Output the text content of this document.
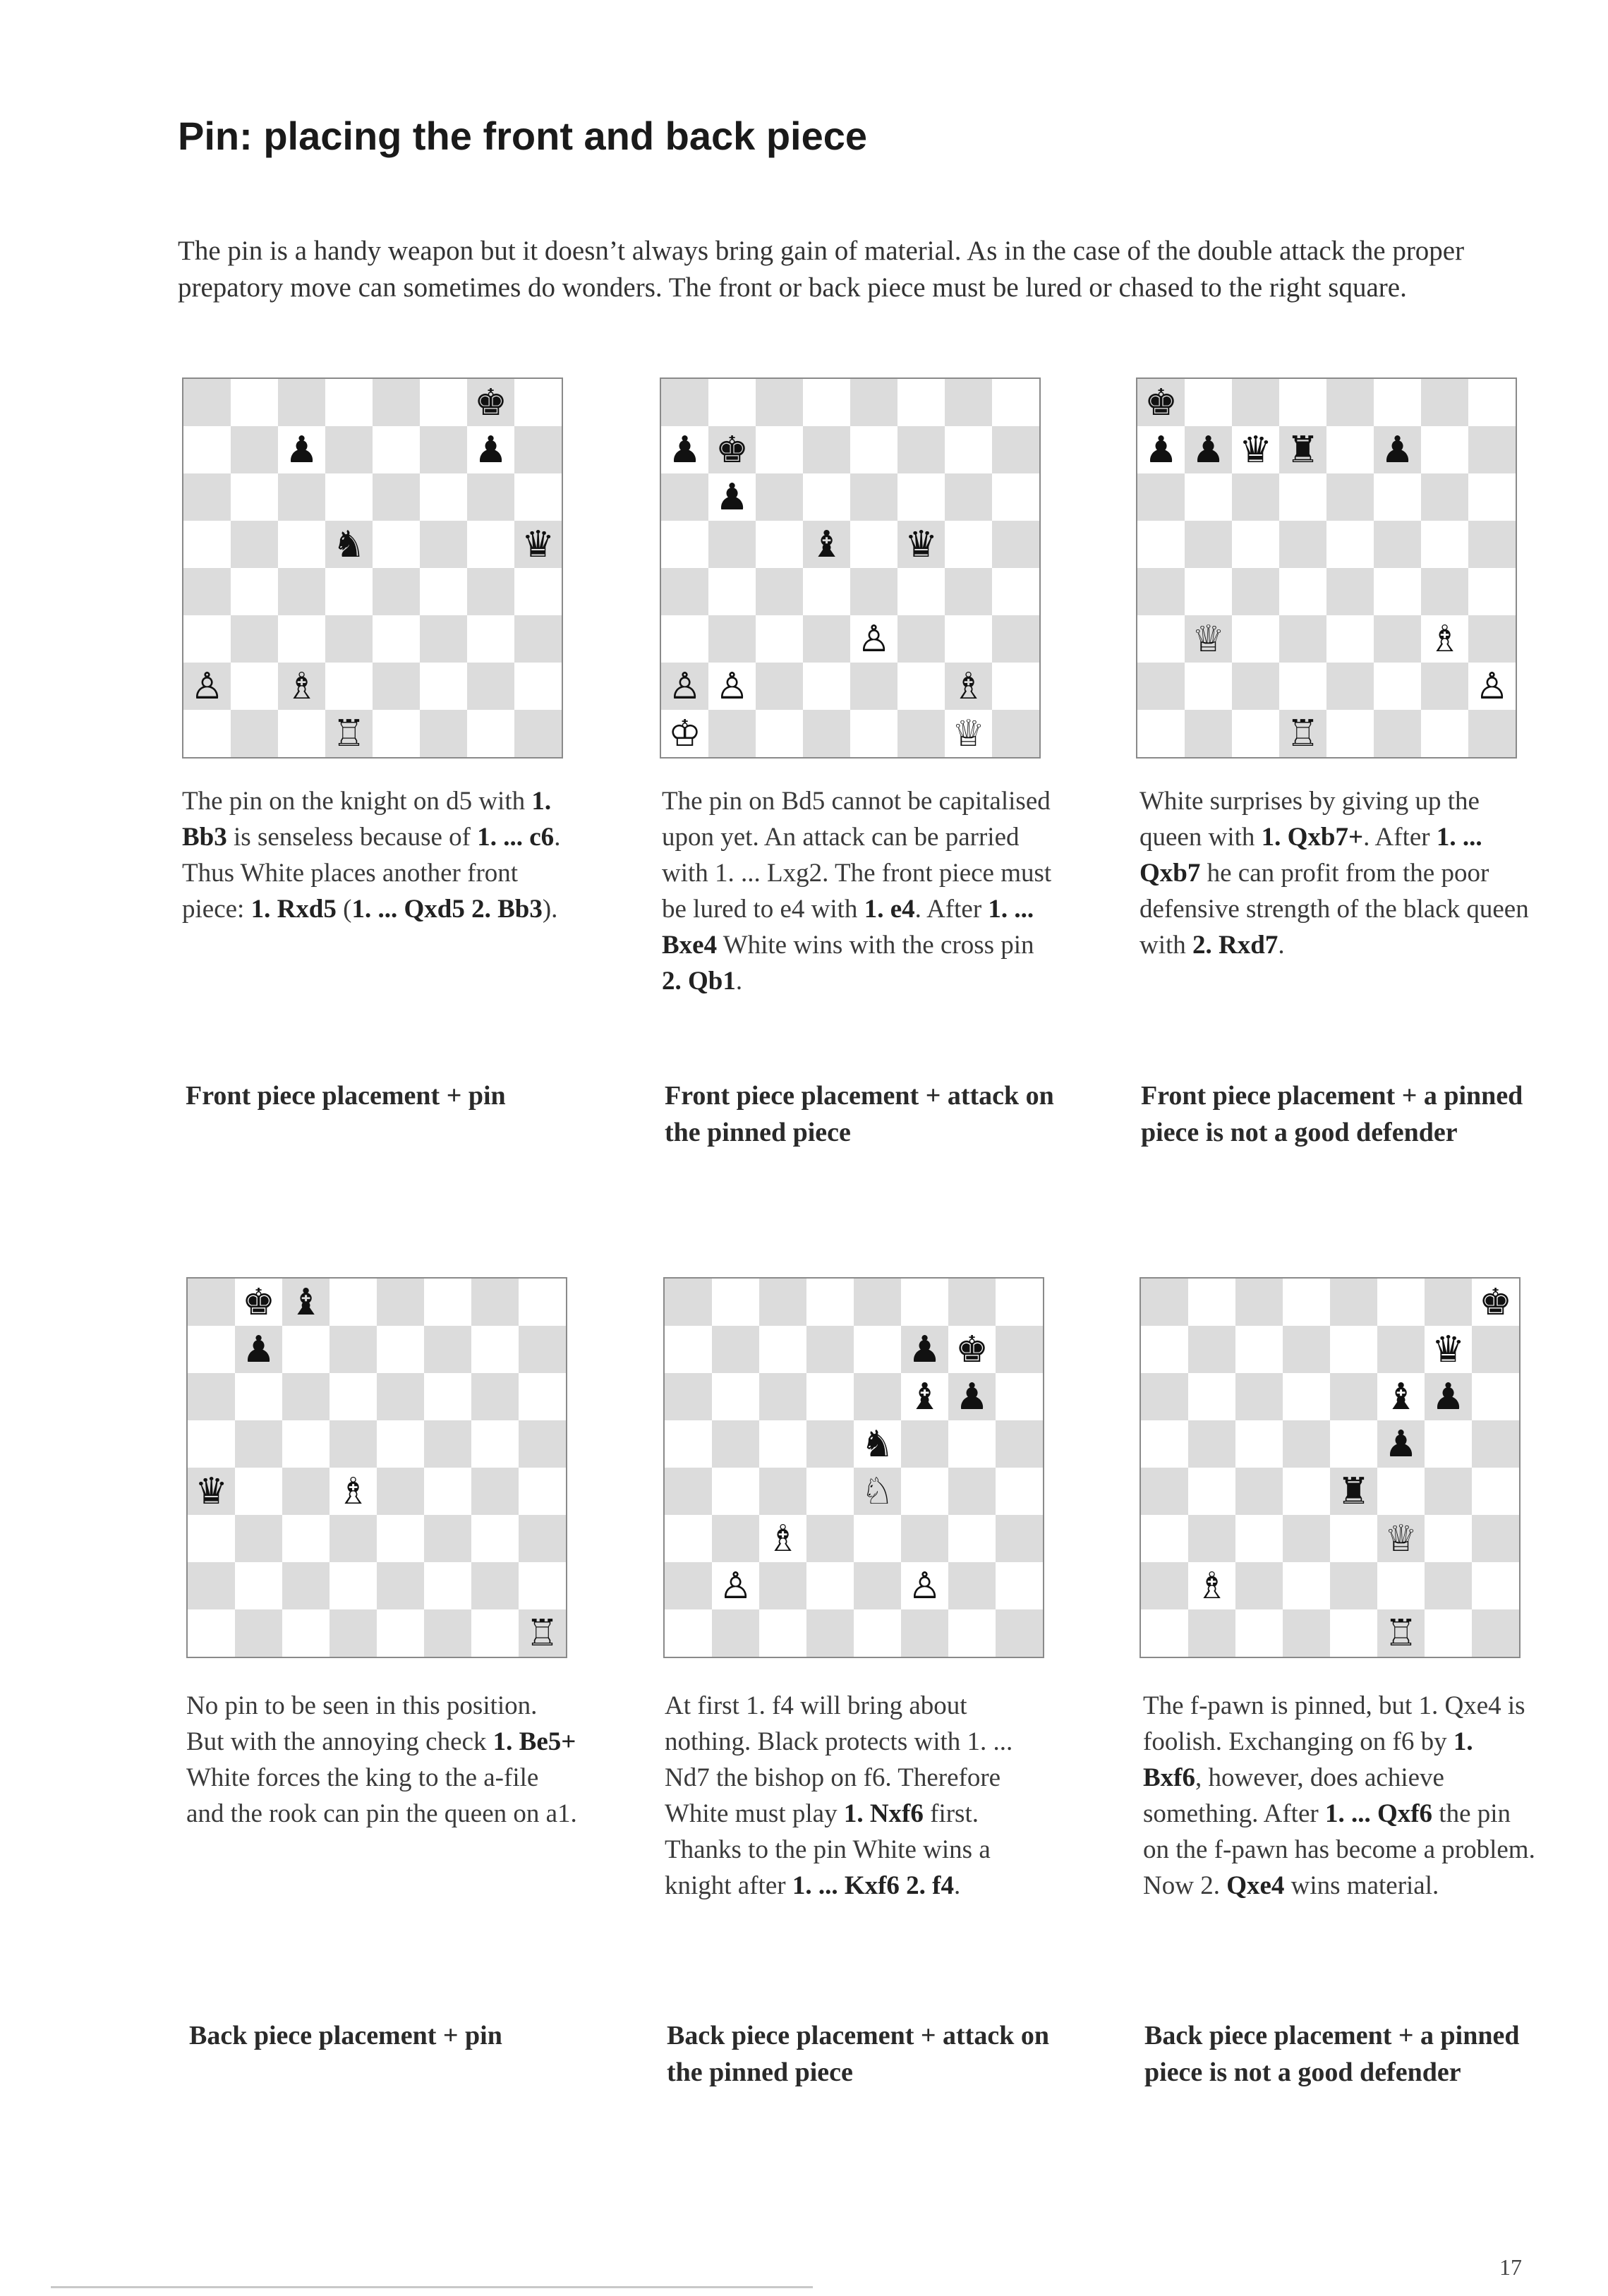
Pin: placing the front and back piece

The pin is a handy weapon but it doesn’t always bring gain of material. As in the case of the double attack the proper prepatory move can sometimes do wonders. The front or back piece must be lured or chased to the right square.

♚
♟	♟
♞	♛
♙ ♗
♖

The pin on the knight on d5 with 1. Bb3 is senseless because of 1. ... c6. Thus White places another front piece: 1. Rxd5 (1. ... Qxd5 2. Bb3).

Front piece placement + pin

♟ ♚
♟
♝ ♛
♙
♙ ♙	♗
♔	♕

The pin on Bd5 cannot be capitalised upon yet. An attack can be parried with 1. ... Lxg2. The front piece must be lured to e4 with 1. e4. After 1. ... Bxe4 White wins with the cross pin 2. Qb1.

Front piece placement + attack on the pinned piece

♚
♟ ♟ ♛ ♜ ♟
♕	♗
♙
♖

White surprises by giving up the queen with 1. Qxb7+. After 1. ... Qxb7 he can profit from the poor defensive strength of the black queen with 2. Rxd7.

Front piece placement + a pinned piece is not a good defender

♚ ♝
♟
♛	♗
♖

No pin to be seen in this position. But with the annoying check 1. Be5+ White forces the king to the a-file and the rook can pin the queen on a1.

Back piece placement + pin

♟ ♚
♝ ♟
♞
♘
♗
♙	♙

At first 1. f4 will bring about nothing. Black protects with 1. ... Nd7 the bishop on f6. Therefore White must play 1. Nxf6 first. Thanks to the pin White wins a knight after 1. ... Kxf6 2. f4.

Back piece placement + attack on the pinned piece

♚
♛
♝ ♟
♟
♜
♕
♗
♖

The f-pawn is pinned, but 1. Qxe4 is foolish. Exchanging on f6 by 1. Bxf6, however, does achieve something. After 1. ... Qxf6 the pin on the f-pawn has become a problem. Now 2. Qxe4 wins material.

Back piece placement + a pinned piece is not a good defender

17
